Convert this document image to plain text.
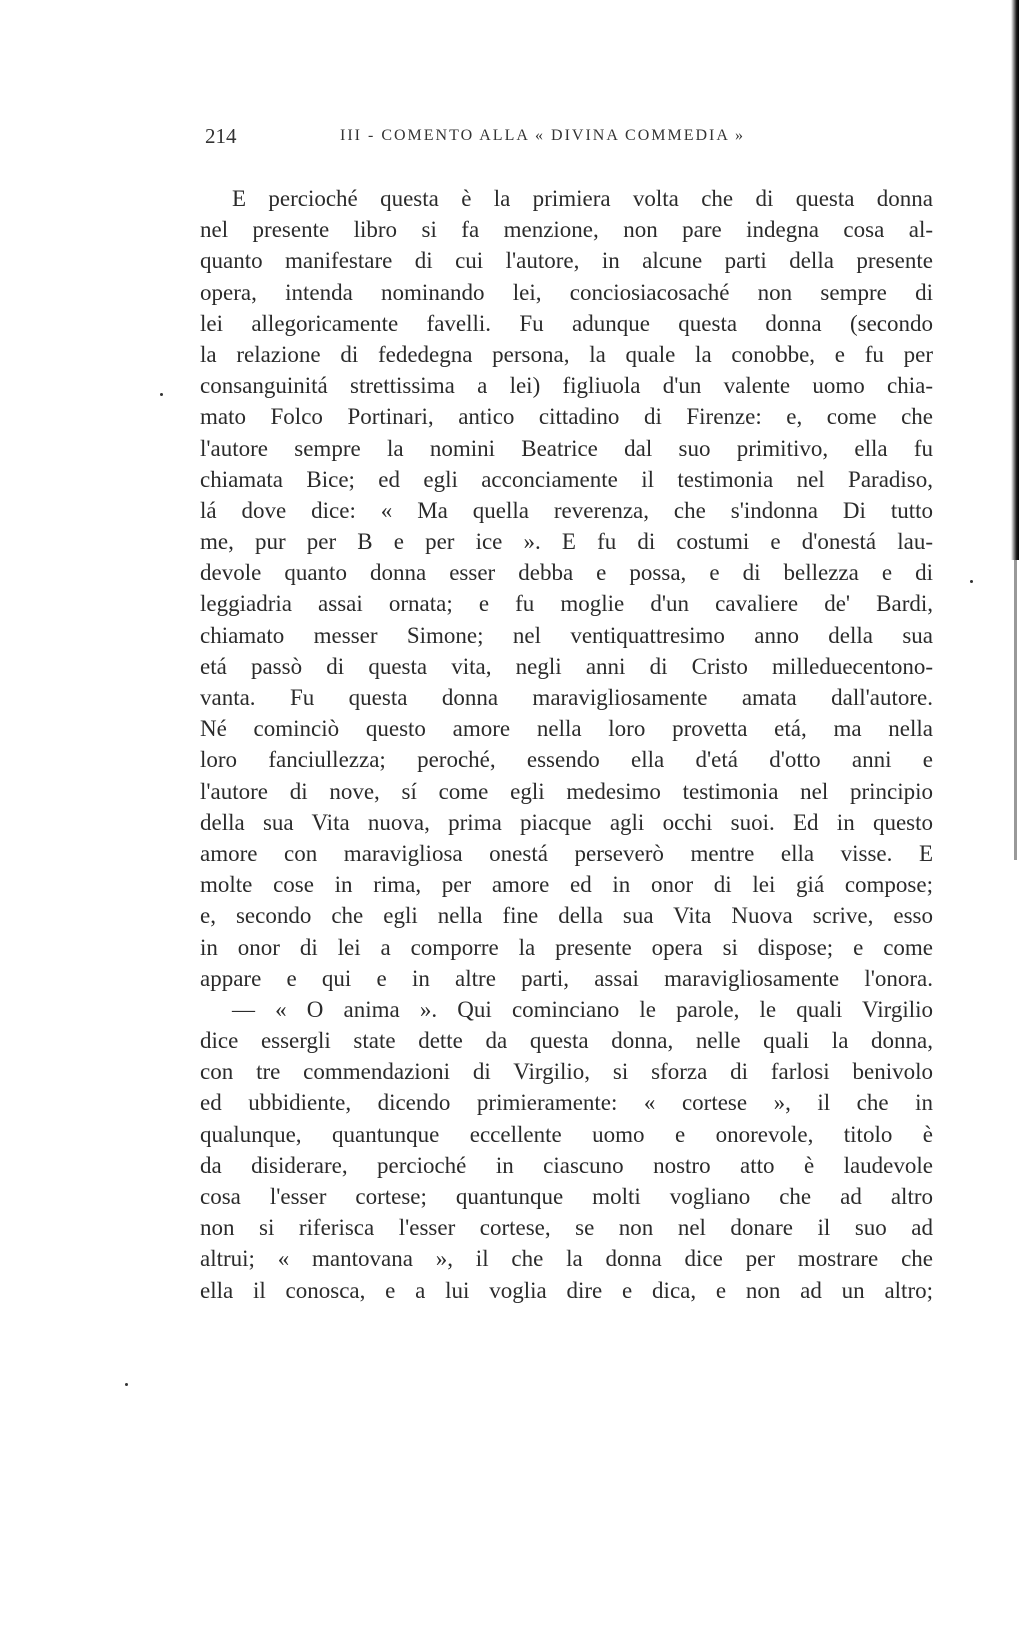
214	III - COMENTO ALLA « DIVINA COMMEDIA »
E percioché questa è la primiera volta che di questa donna
nel presente libro si fa menzione, non pare indegna cosa al-
quanto manifestare di cui l'autore, in alcune parti della presente
opera, intenda nominando lei, conciosiacosaché non sempre di
lei allegoricamente favelli. Fu adunque questa donna (secondo
la relazione di fededegna persona, la quale la conobbe, e fu per
consanguinitá strettissima a lei) figliuola d'un valente uomo chia-
mato Folco Portinari, antico cittadino di Firenze: e, come che
l'autore sempre la nomini Beatrice dal suo primitivo, ella fu
chiamata Bice; ed egli acconciamente il testimonia nel Paradiso,
lá dove dice: « Ma quella reverenza, che s'indonna Di tutto
me, pur per B e per ice ». E fu di costumi e d'onestá lau-
devole quanto donna esser debba e possa, e di bellezza e di
leggiadria assai ornata; e fu moglie d'un cavaliere de' Bardi,
chiamato messer Simone; nel ventiquattresimo anno della sua
etá passò di questa vita, negli anni di Cristo milleduecentono-
vanta. Fu questa donna maravigliosamente amata dall'autore.
Né cominciò questo amore nella loro provetta etá, ma nella
loro fanciullezza; peroché, essendo ella d'etá d'otto anni e
l'autore di nove, sí come egli medesimo testimonia nel principio
della sua Vita nuova, prima piacque agli occhi suoi. Ed in questo
amore con maravigliosa onestá perseverò mentre ella visse. E
molte cose in rima, per amore ed in onor di lei giá compose;
e, secondo che egli nella fine della sua Vita Nuova scrive, esso
in onor di lei a comporre la presente opera si dispose; e come
appare e qui e in altre parti, assai maravigliosamente l'onora.
— « O anima ». Qui cominciano le parole, le quali Virgilio
dice essergli state dette da questa donna, nelle quali la donna,
con tre commendazioni di Virgilio, si sforza di farlosi benivolo
ed ubbidiente, dicendo primieramente: « cortese », il che in
qualunque, quantunque eccellente uomo e onorevole, titolo è
da disiderare, percioché in ciascuno nostro atto è laudevole
cosa l'esser cortese; quantunque molti vogliano che ad altro
non si riferisca l'esser cortese, se non nel donare il suo ad
altrui; « mantovana », il che la donna dice per mostrare che
ella il conosca, e a lui voglia dire e dica, e non ad un altro;
